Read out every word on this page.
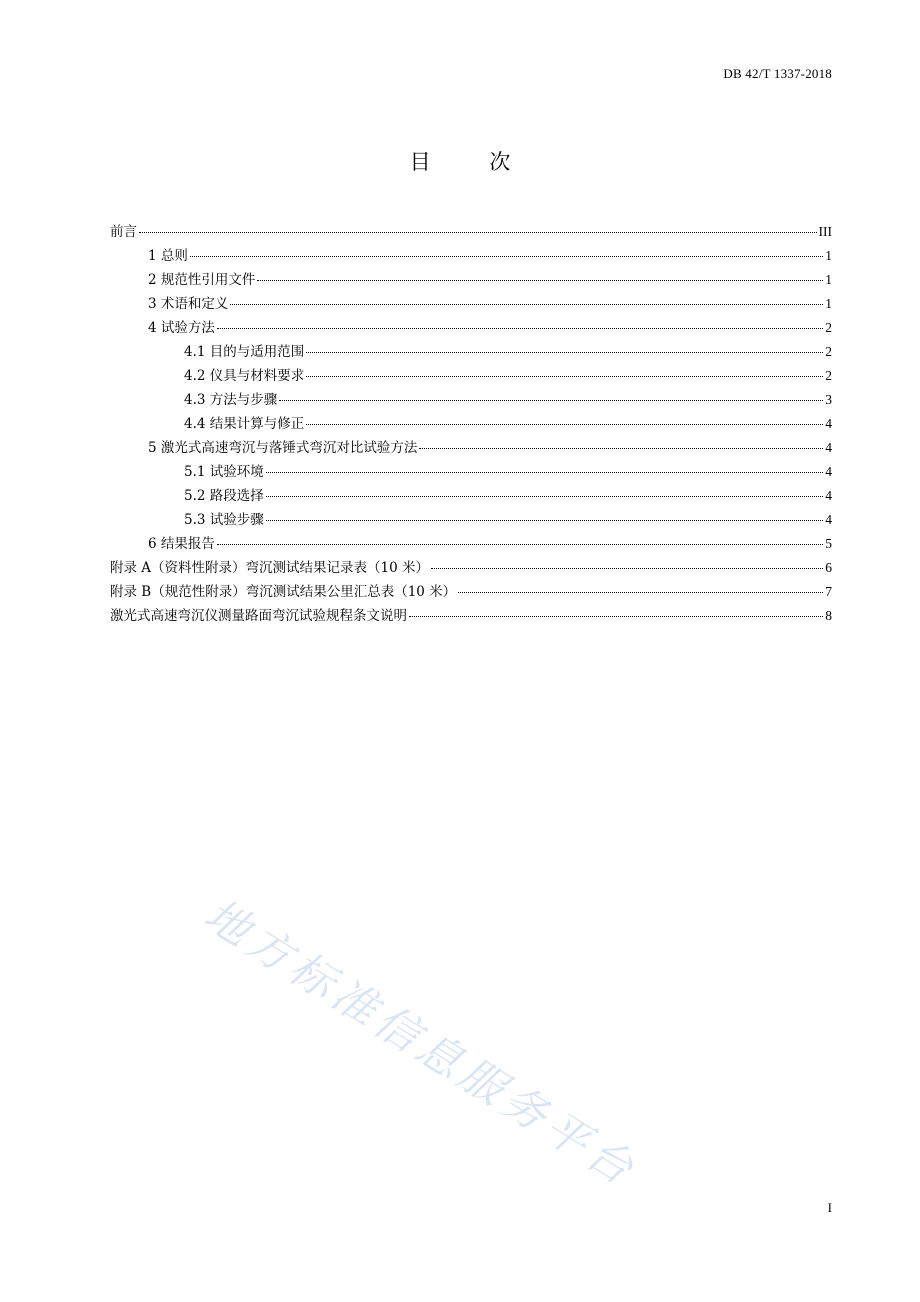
DB 42/T 1337-2018
目 次
前言	III
1 总则	1
2 规范性引用文件	1
3 术语和定义	1
4 试验方法	2
4.1 目的与适用范围	2
4.2 仪具与材料要求	2
4.3 方法与步骤	3
4.4 结果计算与修正	4
5 激光式高速弯沉与落锤式弯沉对比试验方法	4
5.1 试验环境	4
5.2 路段选择	4
5.3 试验步骤	4
6 结果报告	5
附录 A（资料性附录）弯沉测试结果记录表（10 米）	6
附录 B（规范性附录）弯沉测试结果公里汇总表（10 米）	7
激光式高速弯沉仪测量路面弯沉试验规程条文说明	8
地方标准信息服务平台
I
